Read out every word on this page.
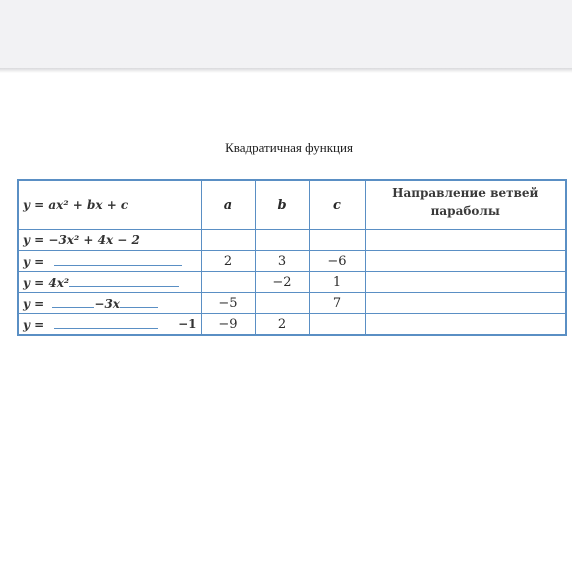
Квадратичная функция
y = ax² + bx + c	a	b	c	Направление ветвей параболы
y = −3x² + 4x − 2				
y =	2	3	−6	
y = 4x²		−2	1	
y = −3x	−5		7	
y = −1	−9	2		
